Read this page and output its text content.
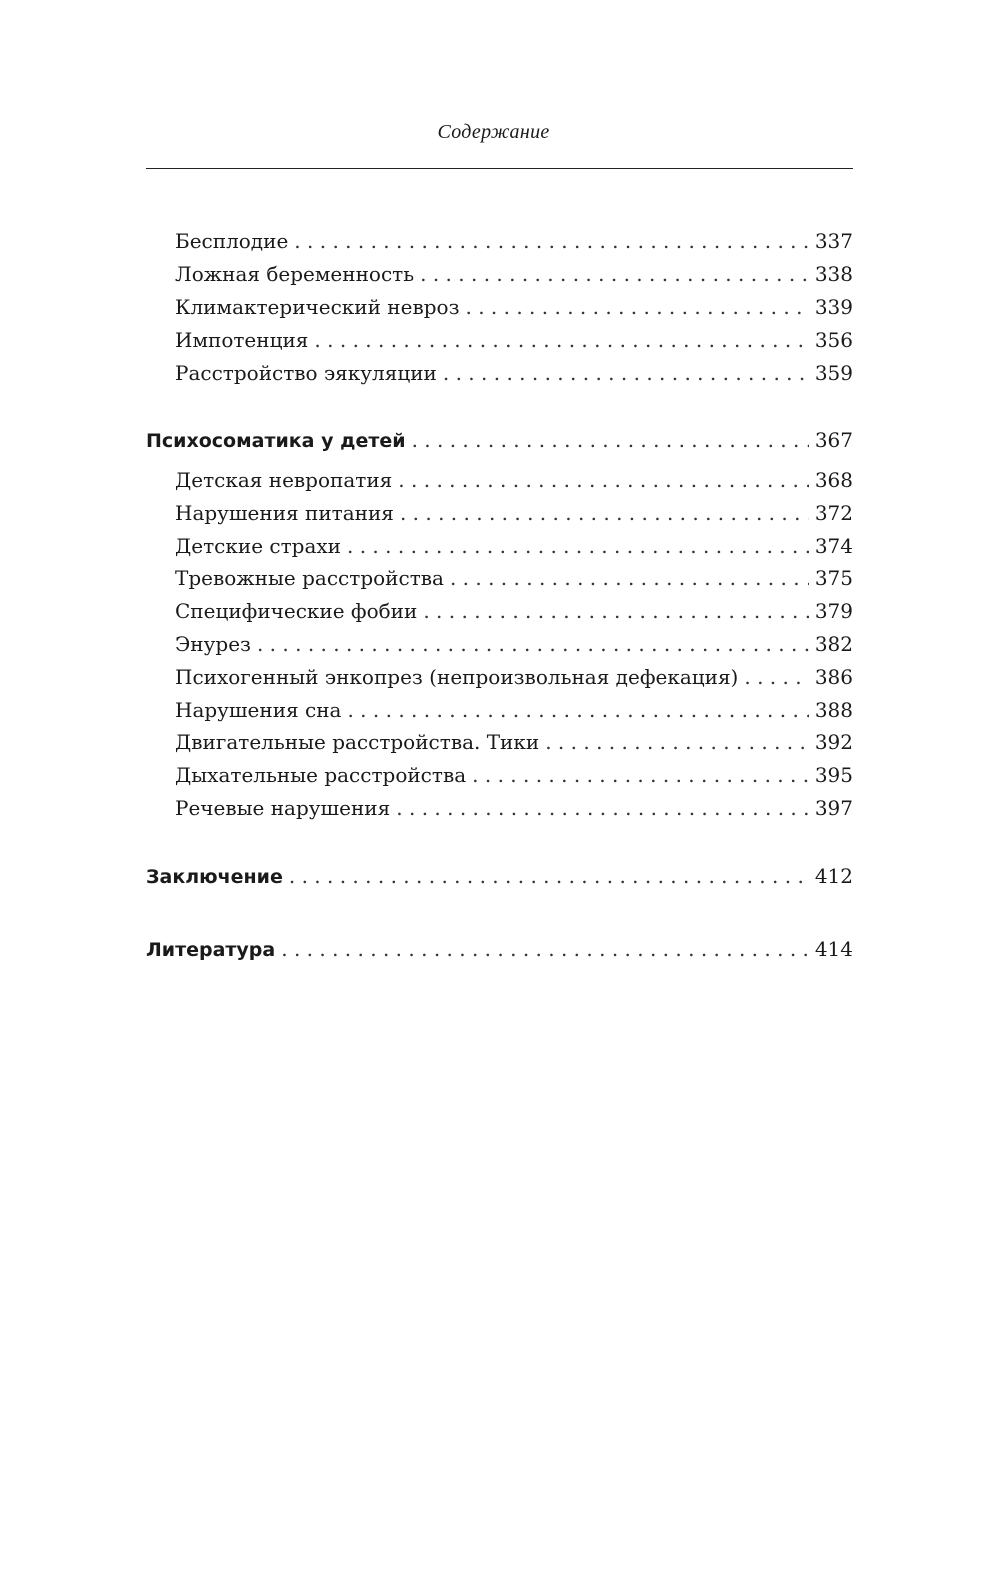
Содержание
Бесплодие . . .	337
Ложная беременность . . .	338
Климактерический невроз . . .	339
Импотенция . . .	356
Расстройство эякуляции . . .	359
Психосоматика у детей . . .	367
Детская невропатия . . .	368
Нарушения питания . . .	372
Детские страхи . . .	374
Тревожные расстройства . . .	375
Специфические фобии . . .	379
Энурез . . .	382
Психогенный энкопрез (непроизвольная дефекация) . . .	386
Нарушения сна . . .	388
Двигательные расстройства. Тики . . .	392
Дыхательные расстройства . . .	395
Речевые нарушения . . .	397
Заключение . . .	412
Литература . . .	414
